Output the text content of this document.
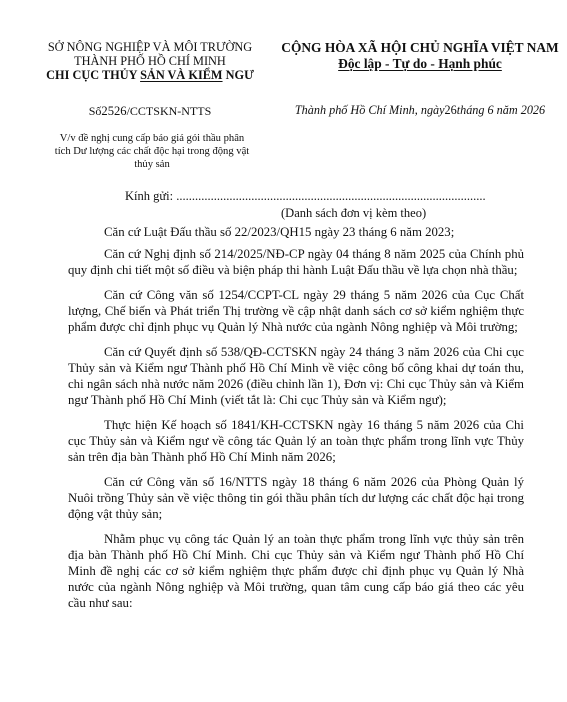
SỞ NÔNG NGHIỆP VÀ MÔI TRƯỜNG
THÀNH PHỐ HỒ CHÍ MINH
CHI CỤC THỦY SẢN VÀ KIỂM NGƯ
CỘNG HÒA XÃ HỘI CHỦ NGHĨA VIỆT NAM
Độc lập - Tự do - Hạnh phúc
Số2526/CCTSKN-NTTS	Thành phố Hồ Chí Minh, ngày26tháng 6 năm 2026
V/v đề nghị cung cấp báo giá gói thầu phân tích Dư lượng các chất độc hại trong động vật thủy sản
Kính gửi: ...................................................................................................
(Danh sách đơn vị kèm theo)

Căn cứ Luật Đấu thầu số 22/2023/QH15 ngày 23 tháng 6 năm 2023;

Căn cứ Nghị định số 214/2025/NĐ-CP ngày 04 tháng 8 năm 2025 của Chính phủ quy định chi tiết một số điều và biện pháp thi hành Luật Đấu thầu về lựa chọn nhà thầu;

Căn cứ Công văn số 1254/CCPT-CL ngày 29 tháng 5 năm 2026 của Cục Chất lượng, Chế biến và Phát triển Thị trường về cập nhật danh sách cơ sở kiểm nghiệm thực phẩm được chỉ định phục vụ Quản lý Nhà nước của ngành Nông nghiệp và Môi trường;

Căn cứ Quyết định số 538/QĐ-CCTSKN ngày 24 tháng 3 năm 2026 của Chi cục Thủy sản và Kiểm ngư Thành phố Hồ Chí Minh về việc công bố công khai dự toán thu, chi ngân sách nhà nước năm 2026 (điều chỉnh lần 1), Đơn vị: Chi cục Thủy sản và Kiểm ngư Thành phố Hồ Chí Minh (viết tắt là: Chi cục Thủy sản và Kiểm ngư);

Thực hiện Kế hoạch số 1841/KH-CCTSKN ngày 16 tháng 5 năm 2026 của Chi cục Thủy sản và Kiểm ngư về công tác Quản lý an toàn thực phẩm trong lĩnh vực Thủy sản trên địa bàn Thành phố Hồ Chí Minh năm 2026;

Căn cứ Công văn số 16/NTTS ngày 18 tháng 6 năm 2026 của Phòng Quản lý Nuôi trồng Thủy sản về việc thông tin gói thầu phân tích dư lượng các chất độc hại trong động vật thủy sản;

Nhằm phục vụ công tác Quản lý an toàn thực phẩm trong lĩnh vực thủy sản trên địa bàn Thành phố Hồ Chí Minh. Chi cục Thủy sản và Kiểm ngư Thành phố Hồ Chí Minh đề nghị các cơ sở kiểm nghiệm thực phẩm được chỉ định phục vụ Quản lý Nhà nước của ngành Nông nghiệp và Môi trường, quan tâm cung cấp báo giá theo các yêu cầu như sau:
